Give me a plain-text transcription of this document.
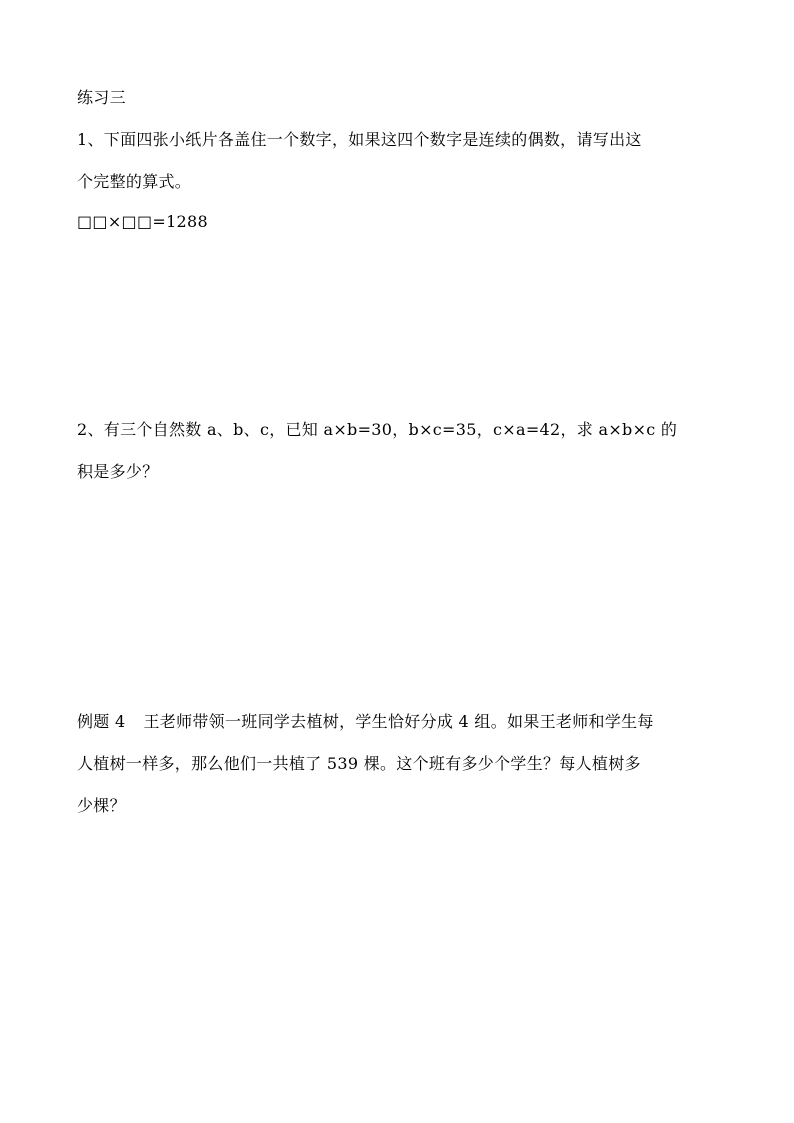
练习三
1、下面四张小纸片各盖住一个数字，如果这四个数字是连续的偶数，请写出这
个完整的算式。
□□×□□=1288
2、有三个自然数 a、b、c，已知 a×b=30，b×c=35，c×a=42，求 a×b×c 的
积是多少？
例题 4 王老师带领一班同学去植树，学生恰好分成 4 组。如果王老师和学生每
人植树一样多，那么他们一共植了 539 棵。这个班有多少个学生？每人植树多
少棵？
